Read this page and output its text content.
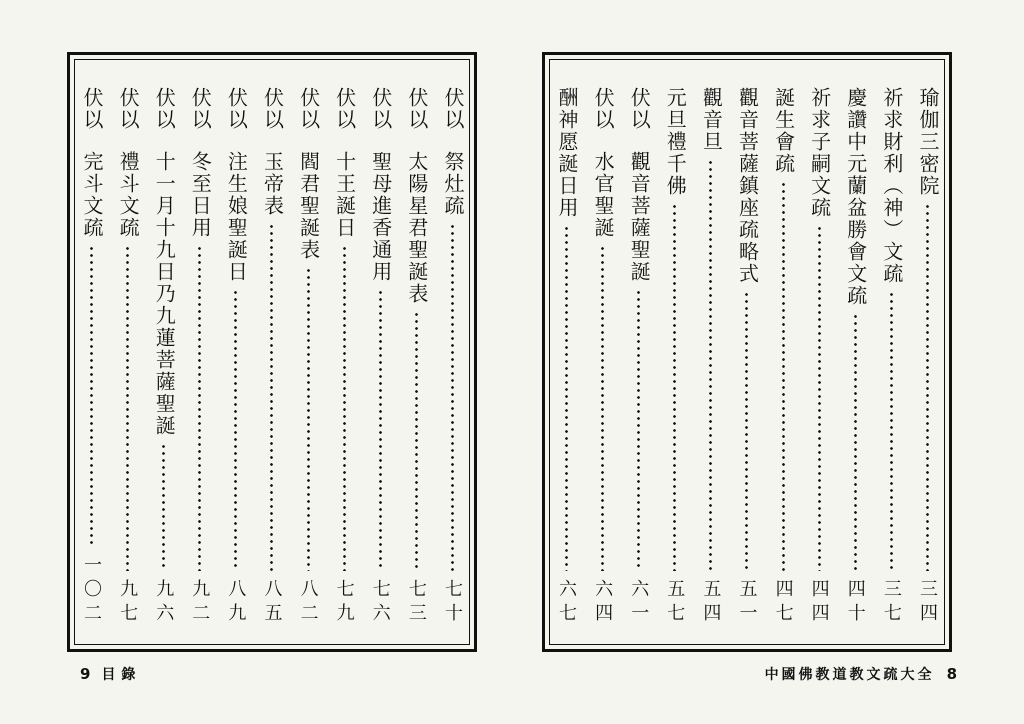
伏以
祭灶疏
七十
伏以
太陽星君聖誕表
七三
伏以
聖母進香通用
七六
伏以
十王誕日
七九
伏以
閻君聖誕表
八二
伏以
玉帝表
八五
伏以
注生娘聖誕日
八九
伏以
冬至日用
九二
伏以
十一月十九日乃九蓮菩薩聖誕
九六
伏以
禮斗文疏
九七
伏以
完斗文疏
一〇二
9 目錄
瑜伽三密院
三四
祈求財利（神）文疏
三七
慶讚中元蘭盆勝會文疏
四十
祈求子嗣文疏
四四
誕生會疏
四七
觀音菩薩鎮座疏略式
五一
觀音旦
五四
元旦禮千佛
五七
伏以
觀音菩薩聖誕
六一
伏以
水官聖誕
六四
酬神愿誕日用
六七
中國佛教道教文疏大全 8
